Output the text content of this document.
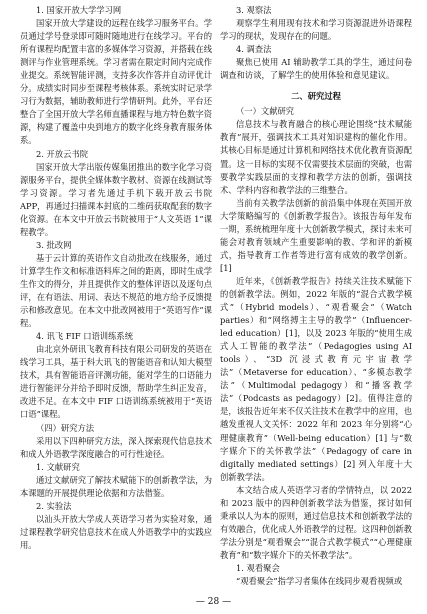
1. 国家开放大学学习网

国家开放大学建设的远程在线学习服务平台。学员通过学号登录即可随时随地进行在线学习。平台的所有课程均配置丰富的多媒体学习资源，并搭载在线测评与作业管理系统。学习者需在限定时间内完成作业提交。系统智能评测，支持多次作答并自动评优计分。成绩实时同步至课程考核体系。系统实时记录学习行为数据，辅助教师进行学情研判。此外，平台还整合了全国开放大学名师直播课程与地方特色数字资源，构建了覆盖中央到地方的数字化终身教育服务体系。

2. 开放云书院

国家开放大学出版传媒集团推出的数字化学习资源服务平台，提供全媒体数字教材、资源在线测试等学习资源。学习者先通过手机下载开放云书院 APP，再通过扫描课本封底的二维码获取配套的数字化资源。在本文中开放云书院被用于“人文英语 1”课程教学。

3. 批改网

基于云计算的英语作文自动批改在线服务，通过计算学生作文和标准语料库之间的距离，即时生成学生作文的得分，并且提供作文的整体评语以及逐句点评，在有语法、用词、表达不规范的地方给予反馈提示和修改意见。在本文中批改网被用于“英语写作”课程。

4. 讯飞 FIF 口语训练系统

由北京外研讯飞教育科技有限公司研发的英语在线学习工具，基于科大讯飞的智能语音和认知大模型技术，具有智能语音评测功能，能对学生的口语能力进行智能评分并给予即时反馈，帮助学生纠正发音，改进不足。在本文中 FIF 口语训练系统被用于“英语口语”课程。

（四）研究方法

采用以下四种研究方法，深入探索现代信息技术和成人外语教学深度融合的可行性途径。

1. 文献研究

通过文献研究了解技术赋能下的创新教学法，为本课题的开展提供理论依据和方法借鉴。

2. 实验法

以汕头开放大学成人英语学习者为实验对象，通过课程教学研究信息技术在成人外语教学中的实践应用。

3. 观察法

观察学生利用现有技术和学习资源混进外语课程学习的现状，发现存在的问题。

4. 调查法

聚焦已使用 AI 辅助教学工具的学生，通过问卷调查和访谈，了解学生的使用体验和意见建议。

二、研究过程

（一）文献研究

信息技术与教育融合的核心理论围绕“技术赋能教育”展开，强调技术工具对知识建构的催化作用。其核心目标是通过计算机和网络技术优化教育资源配置。这一目标的实现不仅需要技术层面的突破，也需要教学实践层面的支撑和教学方法的创新，强调技术、学科内容和教学法的三维整合。

当前有关教学法创新的前沿集中体现在英国开放大学策略编写的《创新教学报告》。该报告每年发布一期，系统梳理年度十大创新教学模式，探讨未来可能会对教育领域产生重要影响的教、学和评的新模式，指导教育工作者等进行富有成效的教学创新。[1]

近年来，《创新教学报告》持续关注技术赋能下的创新教学法。例如，2022 年版的“混合式教学模式”（Hybrid models）、“观看聚会”（Watch parties）和“网络搏主主导的教学”（Influencer-led education）[1]，以及 2023 年版的“使用生成式人工智能的教学法”（Pedagogies using AI tools）、“3D 沉浸式教育元宇宙教学法”（Metaverse for education）、“多模态教学法”（Multimodal pedagogy）和“播客教学法”（Podcasts as pedagogy）[2]。值得注意的是，该报告近年来不仅关注技术在教学中的应用，也越发重视人文关怀：2022 年和 2023 年分别将“心理健康教育”（Well-being education）[1] 与“数字媒介下的关怀教学法”（Pedagogy of care in digitally mediated settings）[2] 列入年度十大创新教学法。

本文结合成人英语学习者的学情特点，以 2022 和 2023 版中的四种创新教学法为借鉴，探讨如何秉承以人为本的原则，通过信息技术和创新教学法的有效融合，优化成人外语教学的过程。这四种创新教学法分别是“观看聚会”“混合式教学模式”“心理健康教育”和“数字媒介下的关怀教学法”。

1. 观看聚会

“观看聚会”指学习者集体在线同步观看视频或

— 28 —
